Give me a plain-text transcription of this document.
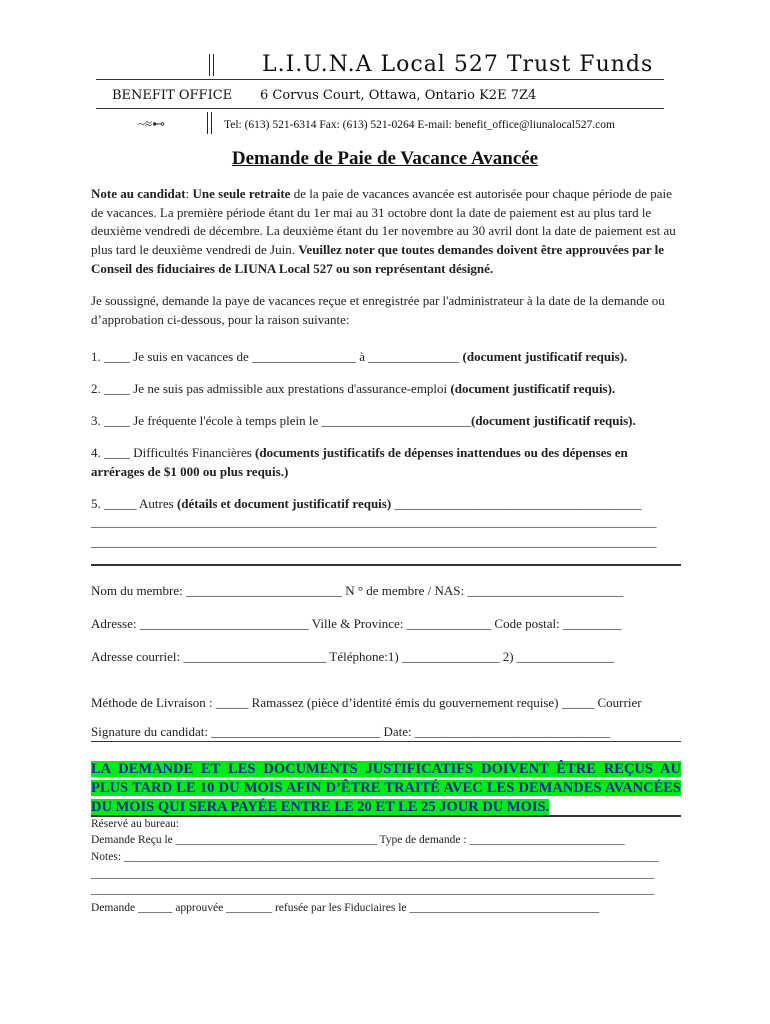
L.I.U.N.A Local 527 Trust Funds
BENEFIT OFFICE 6 Corvus Court, Ottawa, Ontario K2E 7Z4
~≈⊷	Tel: (613) 521-6314 Fax: (613) 521-0264 E-mail: benefit_office@liunalocal527.com
Demande de Paie de Vacance Avancée
Note au candidat: Une seule retraite de la paie de vacances avancée est autorisée pour chaque période de paie de vacances. La première période étant du 1er mai au 31 octobre dont la date de paiement est au plus tard le deuxième vendredi de décembre. La deuxième étant du 1er novembre au 30 avril dont la date de paiement est au plus tard le deuxième vendredi de Juin. Veuillez noter que toutes demandes doivent être approuvées par le Conseil des fiduciaires de LIUNA Local 527 ou son représentant désigné.
Je soussigné, demande la paye de vacances reçue et enregistrée par l'administrateur à la date de la demande ou d’approbation ci-dessous, pour la raison suivante:
1. ____ Je suis en vacances de ________________ à ______________ (document justificatif requis).
2. ____ Je ne suis pas admissible aux prestations d'assurance-emploi (document justificatif requis).
3. ____ Je fréquente l'école à temps plein le _______________________(document justificatif requis).
4. ____ Difficultés Financières (documents justificatifs de dépenses inattendues ou des dépenses en arrérages de $1 000 ou plus requis.)
5. _____ Autres (détails et document justificatif requis) ______________________________________
_______________________________________________________________________________________
_______________________________________________________________________________________
Nom du membre: ________________________ N ° de membre / NAS: ________________________
Adresse: __________________________ Ville & Province: _____________ Code postal: _________
Adresse courriel: ______________________ Téléphone:1) _______________ 2) _______________
Méthode de Livraison : _____ Ramassez (pièce d’identité émis du gouvernement requise) _____ Courrier
Signature du candidat: __________________________ Date: ______________________________
LA DEMANDE ET LES DOCUMENTS JUSTIFICATIFS DOIVENT ÊTRE REÇUS AU PLUS TARD LE 10 DU MOIS AFIN D’ÊTRE TRAITÉ AVEC LES DEMANDES AVANCÉES DU MOIS QUI SERA PAYÉE ENTRE LE 20 ET LE 25 JOUR DU MOIS.
Réservé au bureau:
Demande Reçu le ___________________________________ Type de demande : ___________________________
Notes: _____________________________________________________________________________________________
__________________________________________________________________________________________________
__________________________________________________________________________________________________
Demande ______ approuvée ________ refusée par les Fiduciaires le _________________________________
